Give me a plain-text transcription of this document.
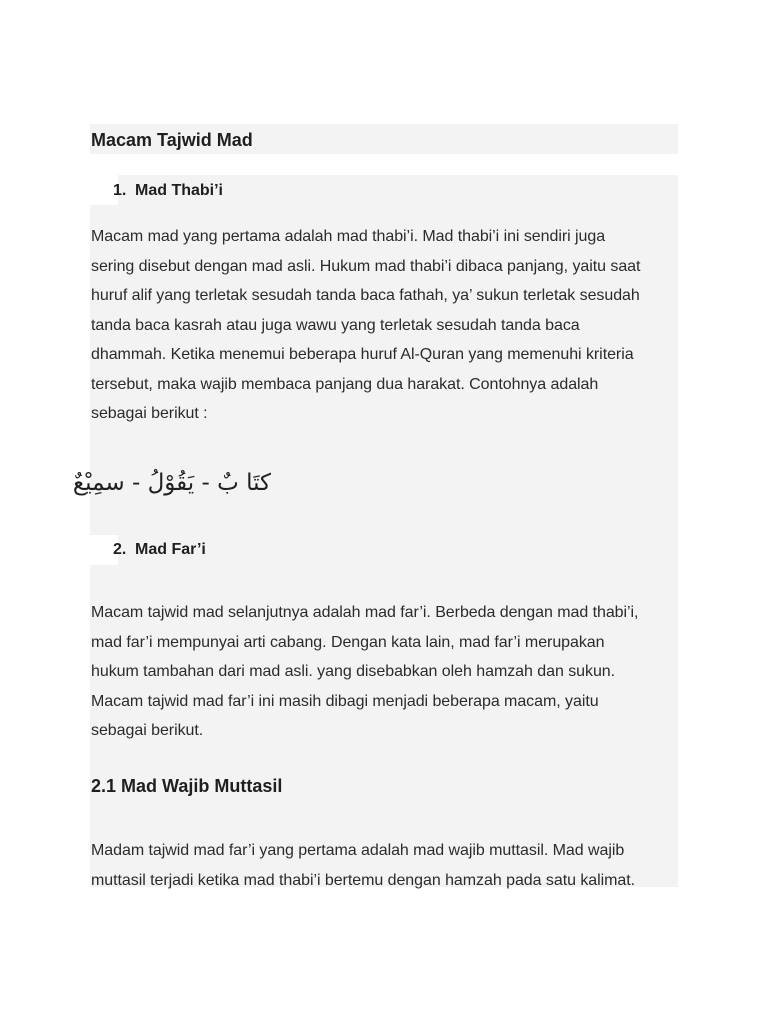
Macam Tajwid Mad
1. Mad Thabi’i

Macam mad yang pertama adalah mad thabi’i. Mad thabi’i ini sendiri juga
sering disebut dengan mad asli. Hukum mad thabi’i dibaca panjang, yaitu saat
huruf alif yang terletak sesudah tanda baca fathah, ya’ sukun terletak sesudah
tanda baca kasrah atau juga wawu yang terletak sesudah tanda baca
dhammah. Ketika menemui beberapa huruf Al-Quran yang memenuhi kriteria
tersebut, maka wajib membaca panjang dua harakat. Contohnya adalah
sebagai berikut :

كتَا بٌ - يَقُوْلُ - سمِيْعٌ

2. Mad Far’i

Macam tajwid mad selanjutnya adalah mad far’i. Berbeda dengan mad thabi’i,
mad far’i mempunyai arti cabang. Dengan kata lain, mad far’i merupakan
hukum tambahan dari mad asli. yang disebabkan oleh hamzah dan sukun.
Macam tajwid mad far’i ini masih dibagi menjadi beberapa macam, yaitu
sebagai berikut.

2.1 Mad Wajib Muttasil

Madam tajwid mad far’i yang pertama adalah mad wajib muttasil. Mad wajib
muttasil terjadi ketika mad thabi’i bertemu dengan hamzah pada satu kalimat.
